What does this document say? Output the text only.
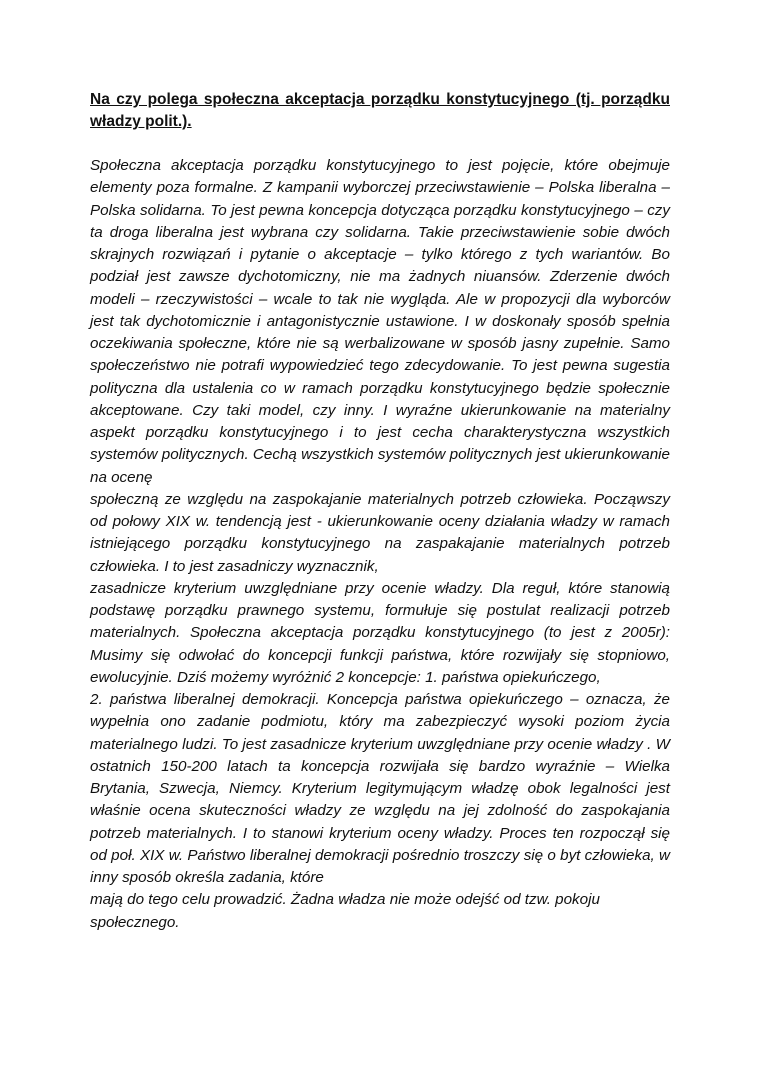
Na czy polega społeczna akceptacja porządku konstytucyjnego (tj. porządku władzy polit.).

Społeczna akceptacja porządku konstytucyjnego to jest pojęcie, które obejmuje elementy poza formalne. Z kampanii wyborczej przeciwstawienie – Polska liberalna – Polska solidarna. To jest pewna koncepcja dotycząca porządku konstytucyjnego – czy ta droga liberalna jest wybrana czy solidarna. Takie przeciwstawienie sobie dwóch skrajnych rozwiązań i pytanie o akceptacje – tylko którego z tych wariantów. Bo podział jest zawsze dychotomiczny, nie ma żadnych niuansów. Zderzenie dwóch modeli – rzeczywistości – wcale to tak nie wygląda. Ale w propozycji dla wyborców jest tak dychotomicznie i antagonistycznie ustawione. I w doskonały sposób spełnia oczekiwania społeczne, które nie są werbalizowane w sposób jasny zupełnie. Samo społeczeństwo nie potrafi wypowiedzieć tego zdecydowanie. To jest pewna sugestia polityczna dla ustalenia co w ramach porządku konstytucyjnego będzie społecznie akceptowane. Czy taki model, czy inny. I wyraźne ukierunkowanie na materialny aspekt porządku konstytucyjnego i to jest cecha charakterystyczna wszystkich systemów politycznych. Cechą wszystkich systemów politycznych jest ukierunkowanie na ocenę

społeczną ze względu na zaspokajanie materialnych potrzeb człowieka. Począwszy od połowy XIX w. tendencją jest - ukierunkowanie oceny działania władzy w ramach istniejącego porządku konstytucyjnego na zaspakajanie materialnych potrzeb człowieka. I to jest zasadniczy wyznacznik,

zasadnicze kryterium uwzględniane przy ocenie władzy. Dla reguł, które stanowią podstawę porządku prawnego systemu, formułuje się postulat realizacji potrzeb materialnych. Społeczna akceptacja porządku konstytucyjnego (to jest z 2005r): Musimy się odwołać do koncepcji funkcji państwa, które rozwijały się stopniowo, ewolucyjnie. Dziś możemy wyróżnić 2 koncepcje: 1. państwa opiekuńczego,

2. państwa liberalnej demokracji. Koncepcja państwa opiekuńczego – oznacza, że wypełnia ono zadanie podmiotu, który ma zabezpieczyć wysoki poziom życia materialnego ludzi. To jest zasadnicze kryterium uwzględniane przy ocenie władzy . W ostatnich 150-200 latach ta koncepcja rozwijała się bardzo wyraźnie – Wielka Brytania, Szwecja, Niemcy. Kryterium legitymującym władzę obok legalności jest właśnie ocena skuteczności władzy ze względu na jej zdolność do zaspokajania potrzeb materialnych. I to stanowi kryterium oceny władzy. Proces ten rozpoczął się od poł. XIX w. Państwo liberalnej demokracji pośrednio troszczy się o byt człowieka, w inny sposób określa zadania, które

mają do tego celu prowadzić. Żadna władza nie może odejść od tzw. pokoju społecznego.
